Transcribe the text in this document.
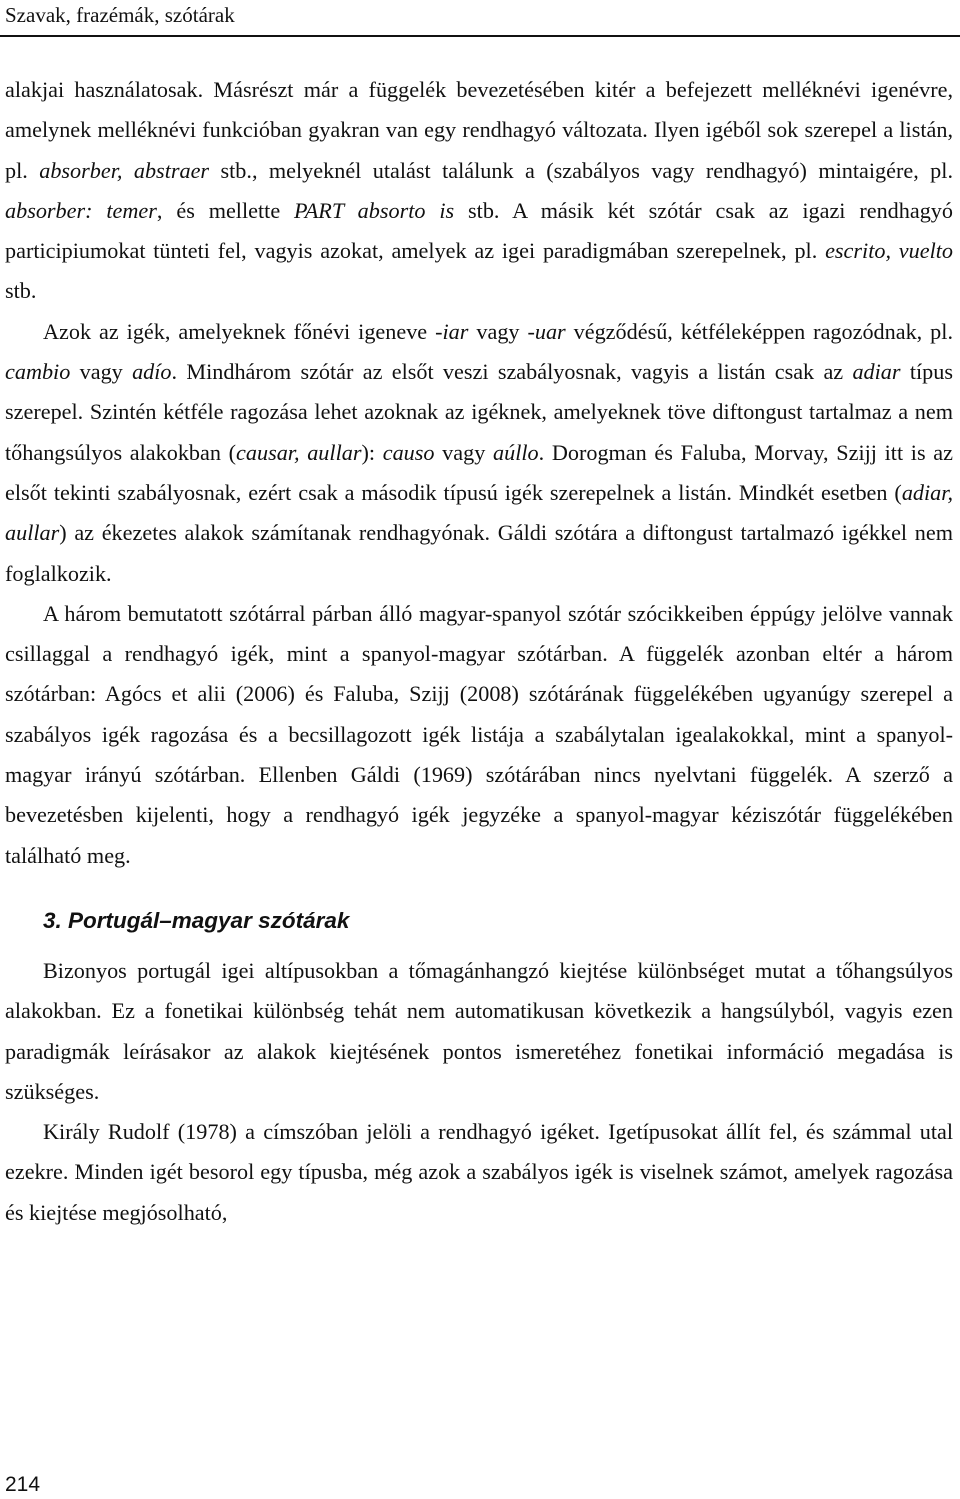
Szavak, frazémák, szótárak

alakjai használatosak. Másrészt már a függelék bevezetésében kitér a befejezett melléknévi igenévre, amelynek melléknévi funkcióban gyakran van egy rendhagyó változata. Ilyen igéből sok szerepel a listán, pl. absorber, abstraer stb., melyeknél utalást találunk a (szabályos vagy rendhagyó) mintaigére, pl. absorber: temer, és mellette PART absorto is stb. A másik két szótár csak az igazi rendhagyó participiumokat tünteti fel, vagyis azokat, amelyek az igei paradigmában szerepelnek, pl. escrito, vuelto stb.

Azok az igék, amelyeknek főnévi igeneve -iar vagy -uar végződésű, kétféleképpen ragozódnak, pl. cambio vagy adío. Mindhárom szótár az elsőt veszi szabályosnak, vagyis a listán csak az adiar típus szerepel. Szintén kétféle ragozása lehet azoknak az igéknek, amelyeknek töve diftongust tartalmaz a nem tőhangsúlyos alakokban (causar, aullar): causo vagy aúllo. Dorogman és Faluba, Morvay, Szijj itt is az elsőt tekinti szabályosnak, ezért csak a második típusú igék szerepelnek a listán. Mindkét esetben (adiar, aullar) az ékezetes alakok számítanak rendhagyónak. Gáldi szótára a diftongust tartalmazó igékkel nem foglalkozik.

A három bemutatott szótárral párban álló magyar-spanyol szótár szócikkeiben éppúgy jelölve vannak csillaggal a rendhagyó igék, mint a spanyol-magyar szótárban. A függelék azonban eltér a három szótárban: Agócs et alii (2006) és Faluba, Szijj (2008) szótárának függelékében ugyanúgy szerepel a szabályos igék ragozása és a becsillagozott igék listája a szabálytalan igealakokkal, mint a spanyol-magyar irányú szótárban. Ellenben Gáldi (1969) szótárában nincs nyelvtani függelék. A szerző a bevezetésben kijelenti, hogy a rendhagyó igék jegyzéke a spanyol-magyar kéziszótár függelékében található meg.

3. Portugál–magyar szótárak

Bizonyos portugál igei altípusokban a tőmagánhangzó kiejtése különbséget mutat a tőhangsúlyos alakokban. Ez a fonetikai különbség tehát nem automatikusan következik a hangsúlyból, vagyis ezen paradigmák leírásakor az alakok kiejtésének pontos ismeretéhez fonetikai információ megadása is szükséges.

Király Rudolf (1978) a címszóban jelöli a rendhagyó igéket. Igetípusokat állít fel, és számmal utal ezekre. Minden igét besorol egy típusba, még azok a szabályos igék is viselnek számot, amelyek ragozása és kiejtése megjósolható,

214
